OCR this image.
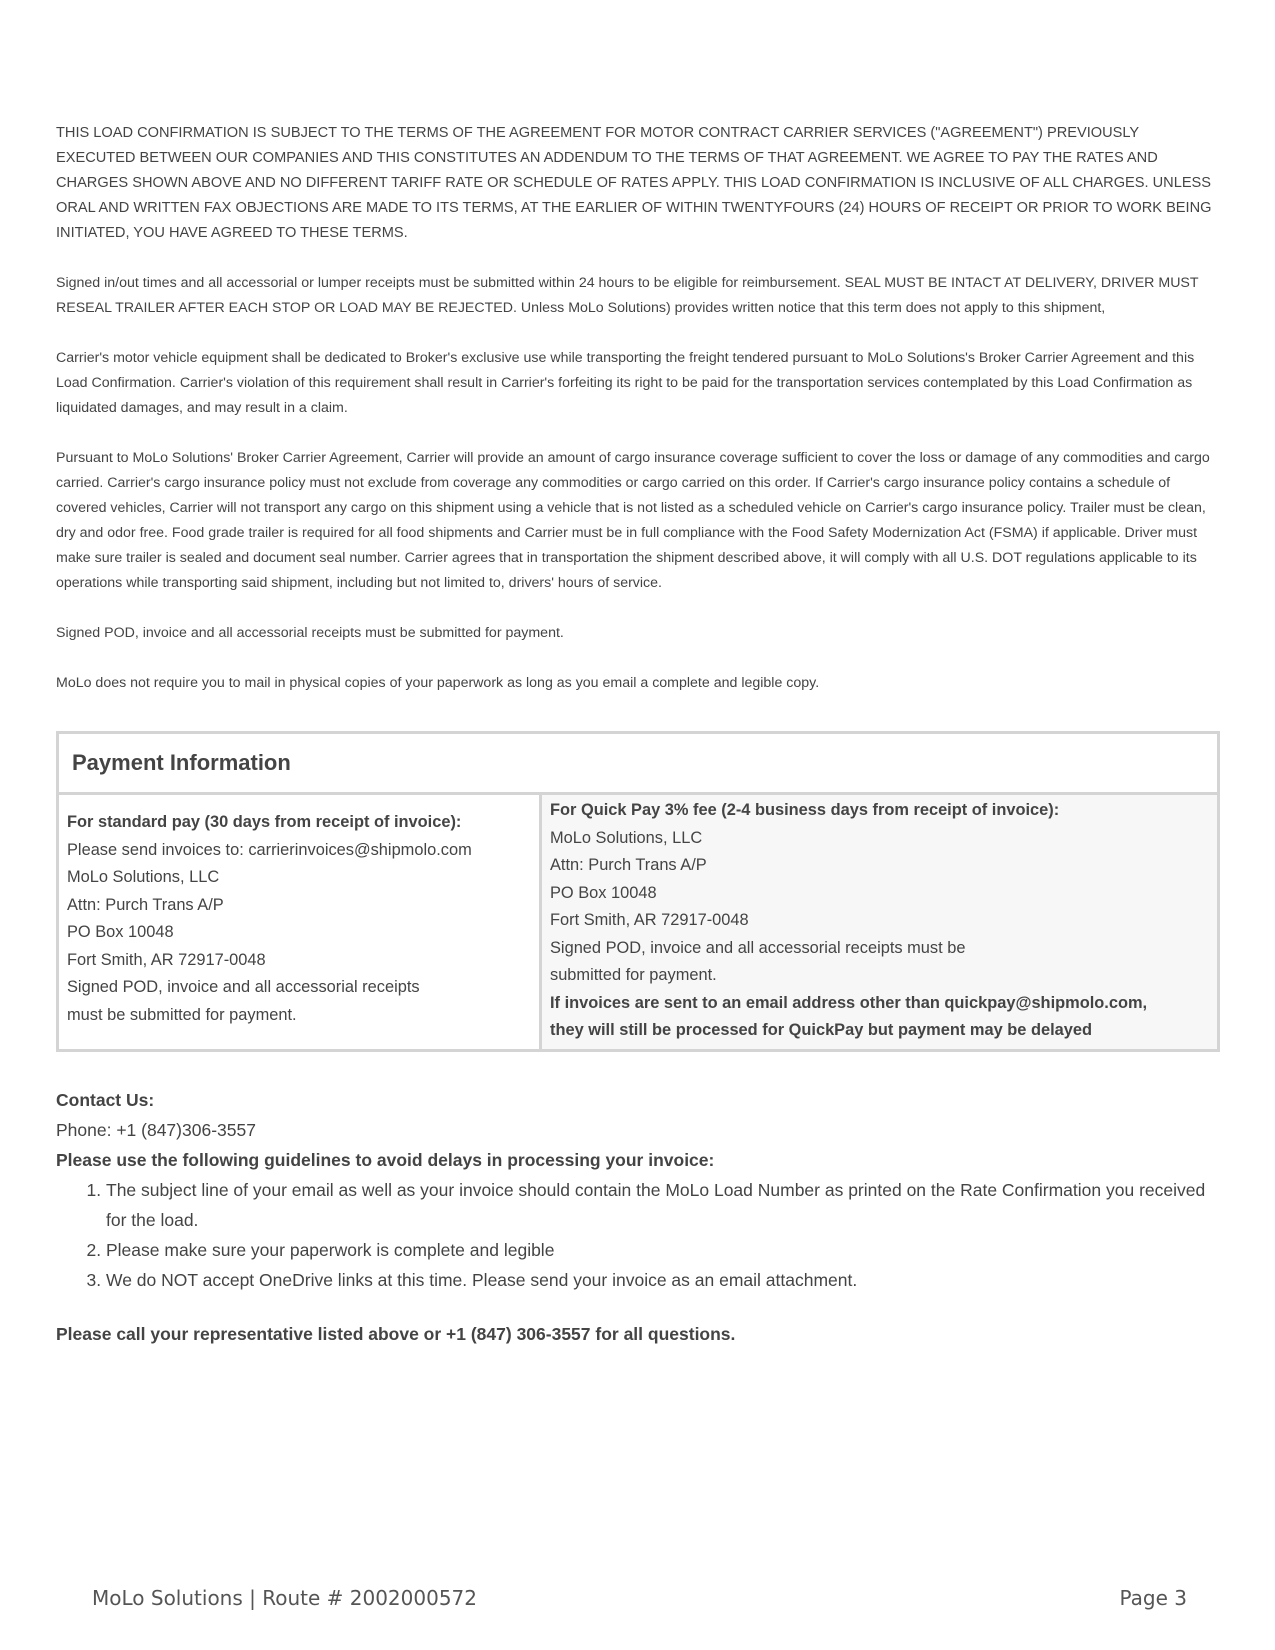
THIS LOAD CONFIRMATION IS SUBJECT TO THE TERMS OF THE AGREEMENT FOR MOTOR CONTRACT CARRIER SERVICES ("AGREEMENT") PREVIOUSLY EXECUTED BETWEEN OUR COMPANIES AND THIS CONSTITUTES AN ADDENDUM TO THE TERMS OF THAT AGREEMENT. WE AGREE TO PAY THE RATES AND CHARGES SHOWN ABOVE AND NO DIFFERENT TARIFF RATE OR SCHEDULE OF RATES APPLY. THIS LOAD CONFIRMATION IS INCLUSIVE OF ALL CHARGES. UNLESS ORAL AND WRITTEN FAX OBJECTIONS ARE MADE TO ITS TERMS, AT THE EARLIER OF WITHIN TWENTYFOURS (24) HOURS OF RECEIPT OR PRIOR TO WORK BEING INITIATED, YOU HAVE AGREED TO THESE TERMS.

Signed in/out times and all accessorial or lumper receipts must be submitted within 24 hours to be eligible for reimbursement. SEAL MUST BE INTACT AT DELIVERY, DRIVER MUST RESEAL TRAILER AFTER EACH STOP OR LOAD MAY BE REJECTED. Unless MoLo Solutions) provides written notice that this term does not apply to this shipment,

Carrier's motor vehicle equipment shall be dedicated to Broker's exclusive use while transporting the freight tendered pursuant to MoLo Solutions's Broker Carrier Agreement and this Load Confirmation. Carrier's violation of this requirement shall result in Carrier's forfeiting its right to be paid for the transportation services contemplated by this Load Confirmation as liquidated damages, and may result in a claim.

Pursuant to MoLo Solutions' Broker Carrier Agreement, Carrier will provide an amount of cargo insurance coverage sufficient to cover the loss or damage of any commodities and cargo carried. Carrier's cargo insurance policy must not exclude from coverage any commodities or cargo carried on this order. If Carrier's cargo insurance policy contains a schedule of covered vehicles, Carrier will not transport any cargo on this shipment using a vehicle that is not listed as a scheduled vehicle on Carrier's cargo insurance policy. Trailer must be clean, dry and odor free. Food grade trailer is required for all food shipments and Carrier must be in full compliance with the Food Safety Modernization Act (FSMA) if applicable. Driver must make sure trailer is sealed and document seal number. Carrier agrees that in transportation the shipment described above, it will comply with all U.S. DOT regulations applicable to its operations while transporting said shipment, including but not limited to, drivers' hours of service.

Signed POD, invoice and all accessorial receipts must be submitted for payment.

MoLo does not require you to mail in physical copies of your paperwork as long as you email a complete and legible copy.

Payment Information
For standard pay (30 days from receipt of invoice):
Please send invoices to: carrierinvoices@shipmolo.com
MoLo Solutions, LLC
Attn: Purch Trans A/P
PO Box 10048
Fort Smith, AR 72917-0048
Signed POD, invoice and all accessorial receipts
must be submitted for payment.
For Quick Pay 3% fee (2-4 business days from receipt of invoice):
MoLo Solutions, LLC
Attn: Purch Trans A/P
PO Box 10048
Fort Smith, AR 72917-0048
Signed POD, invoice and all accessorial receipts must be
submitted for payment.
If invoices are sent to an email address other than quickpay@shipmolo.com,
they will still be processed for QuickPay but payment may be delayed
Contact Us:
Phone: +1 (847)306-3557
Please use the following guidelines to avoid delays in processing your invoice:
1. The subject line of your email as well as your invoice should contain the MoLo Load Number as printed on the Rate Confirmation you received for the load.
2. Please make sure your paperwork is complete and legible
3. We do NOT accept OneDrive links at this time. Please send your invoice as an email attachment.
Please call your representative listed above or +1 (847) 306-3557 for all questions.
MoLo Solutions | Route # 2002000572	Page 3
